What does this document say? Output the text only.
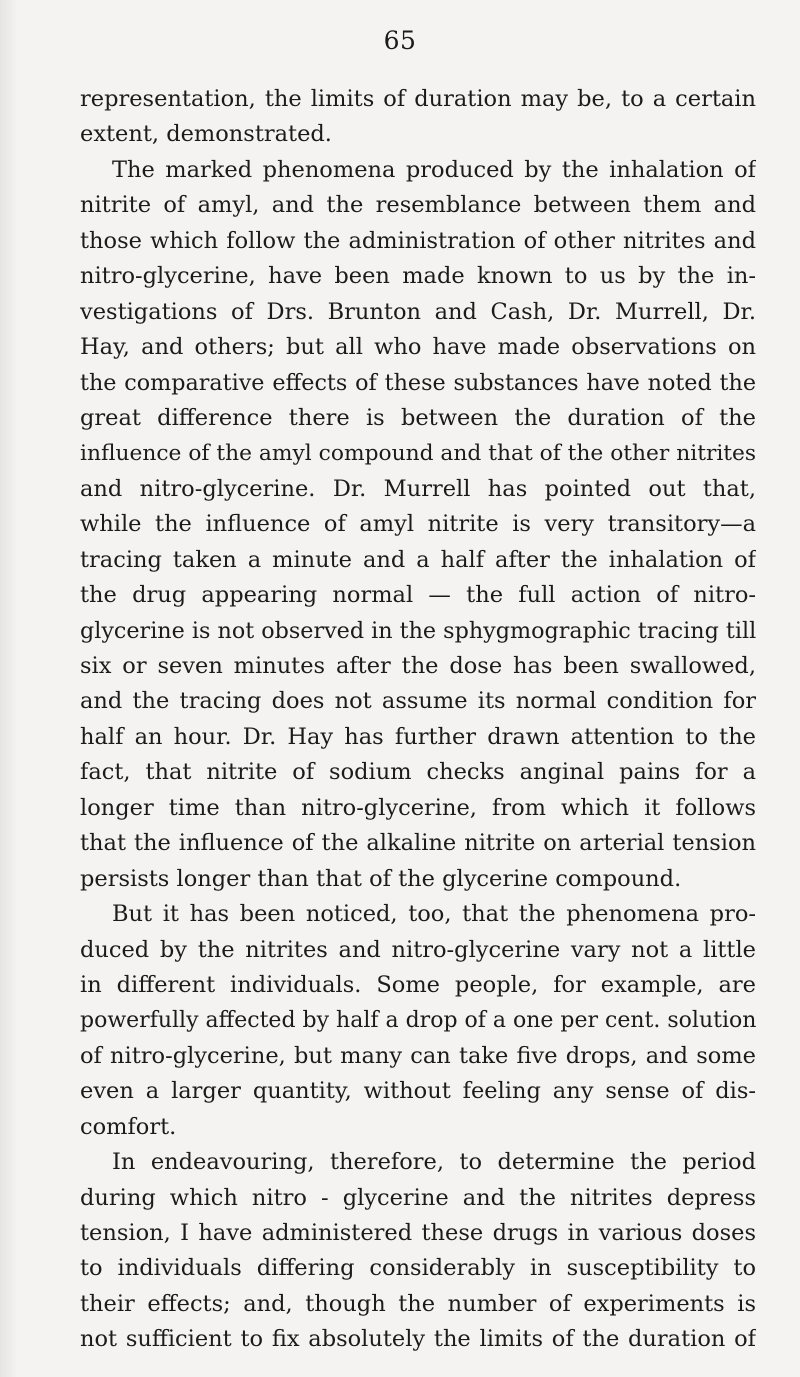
65
representation, the limits of duration may be, to a certain
extent, demonstrated.
The marked phenomena produced by the inhalation of
nitrite of amyl, and the resemblance between them and
those which follow the administration of other nitrites and
nitro-glycerine, have been made known to us by the in-
vestigations of Drs. Brunton and Cash, Dr. Murrell, Dr.
Hay, and others; but all who have made observations on
the comparative effects of these substances have noted the
great difference there is between the duration of the
influence of the amyl compound and that of the other nitrites
and nitro-glycerine. Dr. Murrell has pointed out that,
while the influence of amyl nitrite is very transitory—a
tracing taken a minute and a half after the inhalation of
the drug appearing normal — the full action of nitro-
glycerine is not observed in the sphygmographic tracing till
six or seven minutes after the dose has been swallowed,
and the tracing does not assume its normal condition for
half an hour. Dr. Hay has further drawn attention to the
fact, that nitrite of sodium checks anginal pains for a
longer time than nitro-glycerine, from which it follows
that the influence of the alkaline nitrite on arterial tension
persists longer than that of the glycerine compound.
But it has been noticed, too, that the phenomena pro-
duced by the nitrites and nitro-glycerine vary not a little
in different individuals. Some people, for example, are
powerfully affected by half a drop of a one per cent. solution
of nitro-glycerine, but many can take five drops, and some
even a larger quantity, without feeling any sense of dis-
comfort.
In endeavouring, therefore, to determine the period
during which nitro - glycerine and the nitrites depress
tension, I have administered these drugs in various doses
to individuals differing considerably in susceptibility to
their effects; and, though the number of experiments is
not sufficient to fix absolutely the limits of the duration of
